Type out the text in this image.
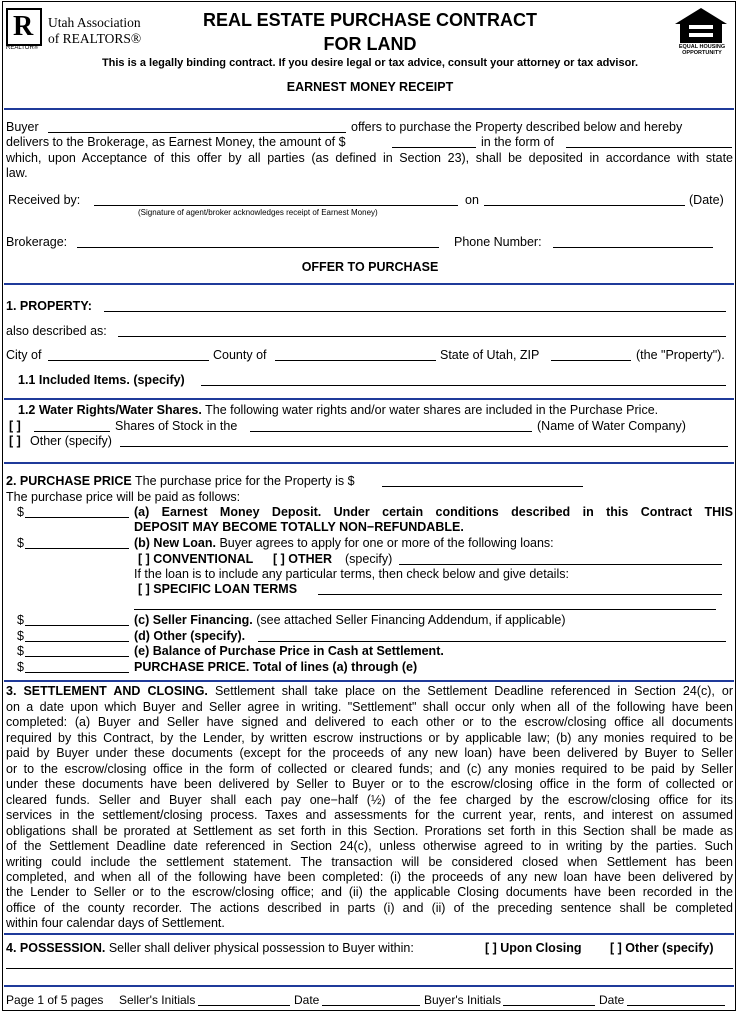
R
REALTOR®
Utah Association
of REALTORS®
REAL ESTATE PURCHASE CONTRACT
FOR LAND
This is a legally binding contract. If you desire legal or tax advice, consult your attorney or tax advisor.
EQUAL HOUSING
OPPORTUNITY
EARNEST MONEY RECEIPT
Buyer	offers to purchase the Property described below and hereby
delivers to the Brokerage, as Earnest Money, the amount of $	in the form of
which, upon Acceptance of this offer by all parties (as defined in Section 23), shall be deposited in accordance with state
law.
Received by:	on	(Date)
(Signature of agent/broker acknowledges receipt of Earnest Money)
Brokerage:	Phone Number:
OFFER TO PURCHASE
1. PROPERTY:
also described as:
City of	County of	State of Utah, ZIP	(the "Property").
1.1 Included Items. (specify)
1.2 Water Rights/Water Shares. The following water rights and/or water shares are included in the Purchase Price.
[ ]	Shares of Stock in the	(Name of Water Company)
[ ] Other (specify)
2. PURCHASE PRICE The purchase price for the Property is $
The purchase price will be paid as follows:
$	(a) Earnest Money Deposit. Under certain conditions described in this Contract THIS
DEPOSIT MAY BECOME TOTALLY NON−REFUNDABLE.
$	(b) New Loan. Buyer agrees to apply for one or more of the following loans:
[ ] CONVENTIONAL [ ] OTHER (specify)
If the loan is to include any particular terms, then check below and give details:
[ ] SPECIFIC LOAN TERMS
$	(c) Seller Financing. (see attached Seller Financing Addendum, if applicable)
$	(d) Other (specify).
$	(e) Balance of Purchase Price in Cash at Settlement.
$	PURCHASE PRICE. Total of lines (a) through (e)
3. SETTLEMENT AND CLOSING. Settlement shall take place on the Settlement Deadline referenced in Section 24(c), or
on a date upon which Buyer and Seller agree in writing. "Settlement" shall occur only when all of the following have been
completed: (a) Buyer and Seller have signed and delivered to each other or to the escrow/closing office all documents
required by this Contract, by the Lender, by written escrow instructions or by applicable law; (b) any monies required to be
paid by Buyer under these documents (except for the proceeds of any new loan) have been delivered by Buyer to Seller
or to the escrow/closing office in the form of collected or cleared funds; and (c) any monies required to be paid by Seller
under these documents have been delivered by Seller to Buyer or to the escrow/closing office in the form of collected or
cleared funds. Seller and Buyer shall each pay one−half (½) of the fee charged by the escrow/closing office for its
services in the settlement/closing process. Taxes and assessments for the current year, rents, and interest on assumed
obligations shall be prorated at Settlement as set forth in this Section. Prorations set forth in this Section shall be made as
of the Settlement Deadline date referenced in Section 24(c), unless otherwise agreed to in writing by the parties. Such
writing could include the settlement statement. The transaction will be considered closed when Settlement has been
completed, and when all of the following have been completed: (i) the proceeds of any new loan have been delivered by
the Lender to Seller or to the escrow/closing office; and (ii) the applicable Closing documents have been recorded in the
office of the county recorder. The actions described in parts (i) and (ii) of the preceding sentence shall be completed
within four calendar days of Settlement.
4. POSSESSION. Seller shall deliver physical possession to Buyer within:	[ ] Upon Closing [ ] Other (specify)
Page 1 of 5 pages Seller's Initials	Date	Buyer's Initials	Date
